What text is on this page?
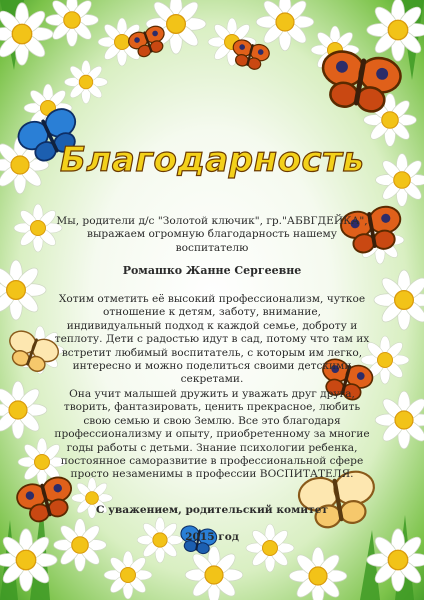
Благодарность
Мы, родители д/с "Золотой ключик", гр."АБВГДЕЙКА", выражаем огромную благодарность нашему воспитателю
Ромашко Жанне Сергеевне
Хотим отметить её высокий профессионализм, чуткое отношение к детям, заботу, внимание, индивидуальный подход к каждой семье, доброту и теплоту. Дети с радостью идут в сад, потому что там их встретит любимый воспитатель, с которым им легко, интересно и можно поделиться своими детскими секретами.
Она учит малышей дружить и уважать друг друга, творить, фантазировать, ценить прекрасное, любить свою семью и свою Землю. Все это благодаря профессионализму и опыту, приобретенному за многие годы работы с детьми. Знание психологии ребенка, постоянное саморазвитие в профессиональной сфере просто незаменимы в профессии ВОСПИТАТЕЛЯ.
С уважением, родительский комитет
2015 год
